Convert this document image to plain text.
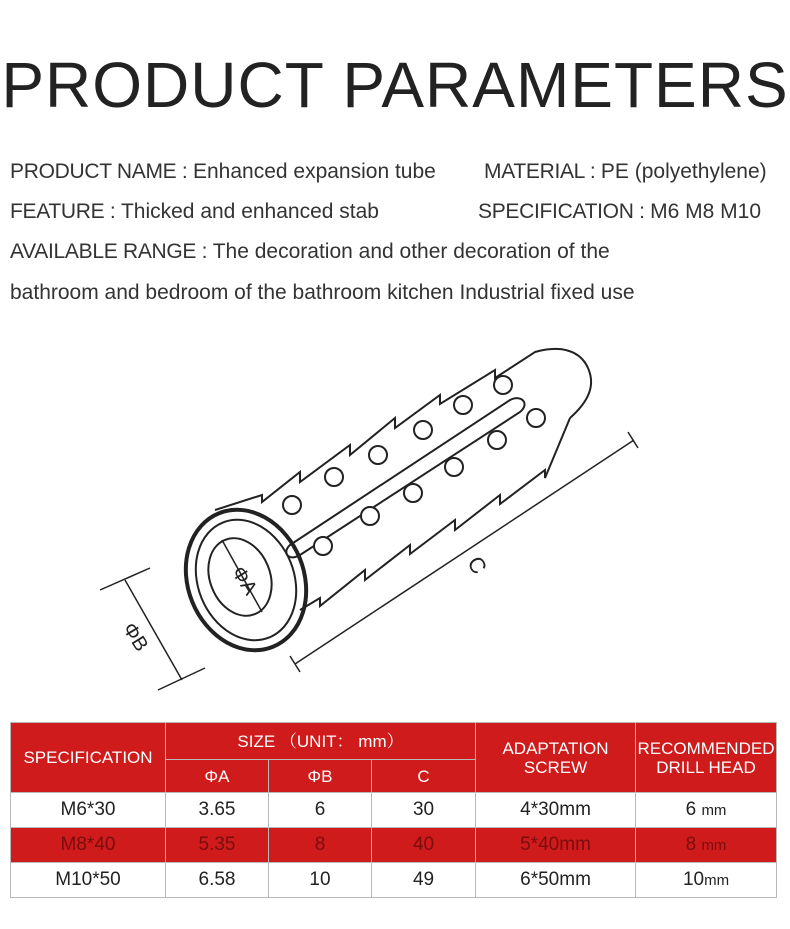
PRODUCT PARAMETERS
PRODUCT NAME : Enhanced expansion tube MATERIAL : PE (polyethylene)
FEATURE : Thicked and enhanced stab	SPECIFICATION : M6 M8 M10
AVAILABLE RANGE : The decoration and other decoration of the
bathroom and bedroom of the bathroom kitchen Industrial fixed use
ΦA
ΦB
C
SPECIFICATION	SIZE （UNIT： mm）			ADAPTATION SCREW	RECOMMENDED DRILL HEAD
	ΦA	ΦB	C		
M6*30	3.65	6	30	4*30mm	6 mm
M8*40	5.35	8	40	5*40mm	8 mm
M10*50	6.58	10	49	6*50mm	10mm
